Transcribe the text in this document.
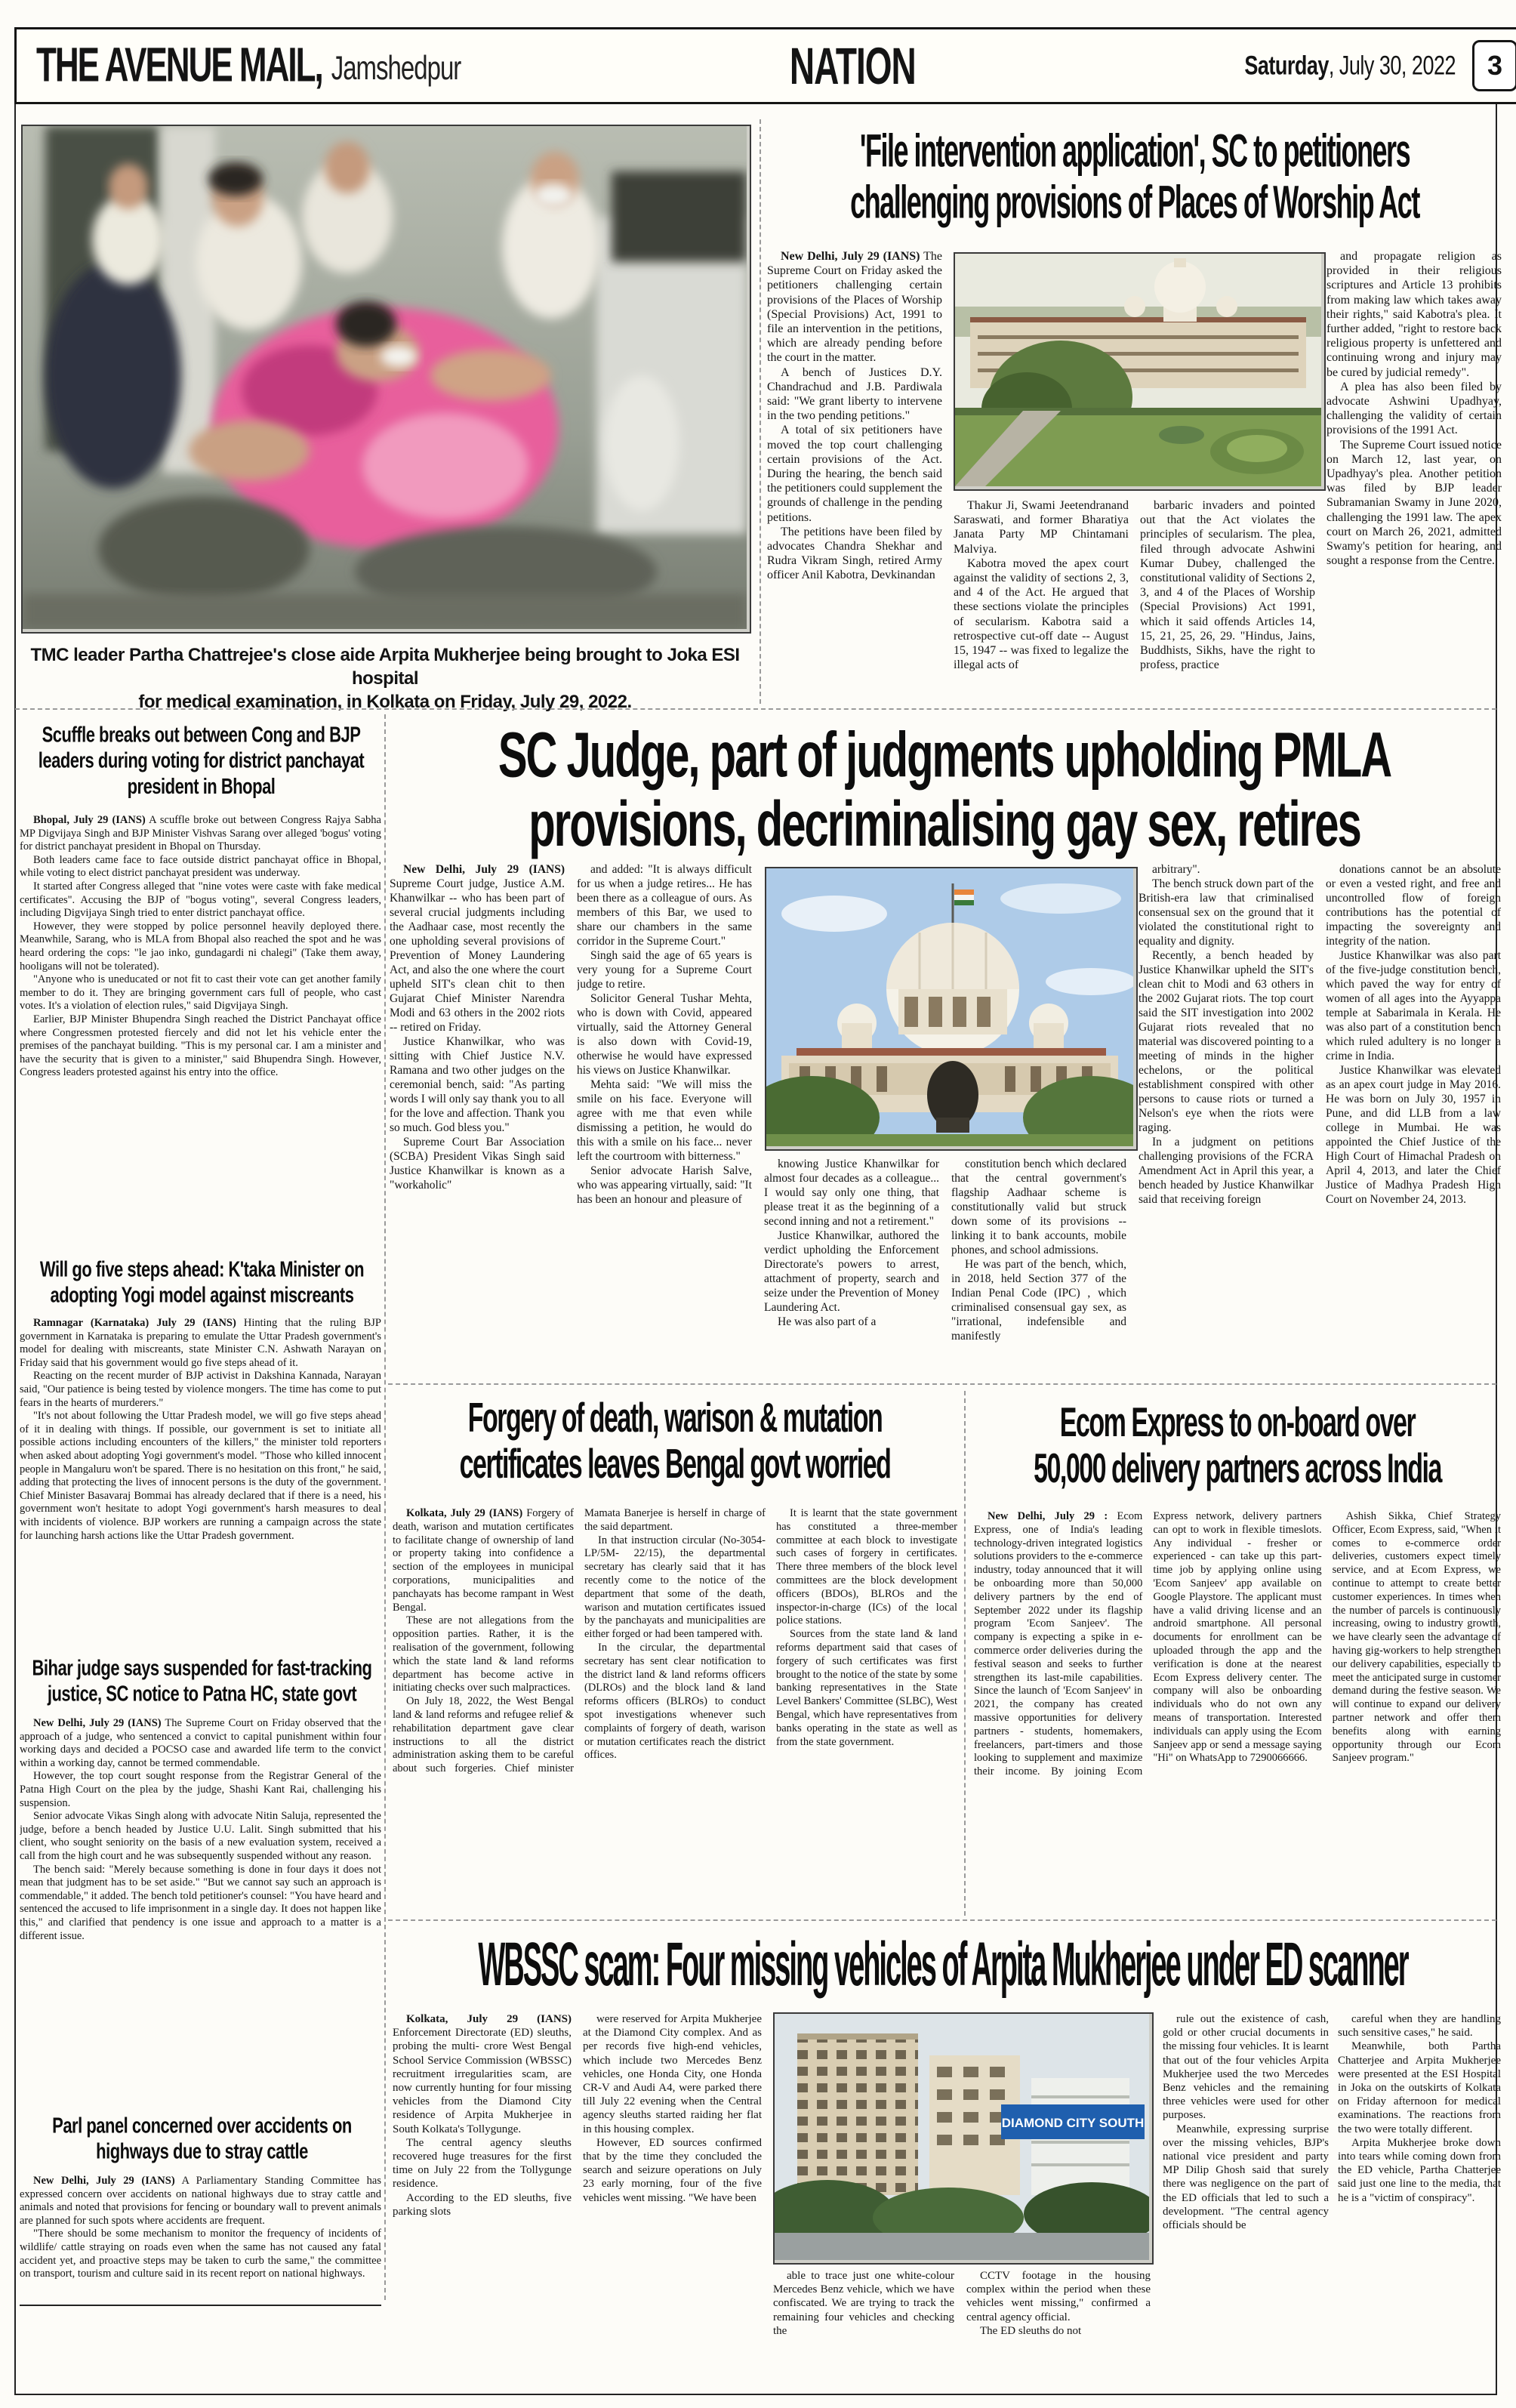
THE AVENUE MAIL, Jamshedpur	NATION	Saturday, July 30, 2022 3
TMC leader Partha Chattrejee's close aide Arpita Mukherjee being brought to Joka ESI hospital
for medical examination, in Kolkata on Friday, July 29, 2022.
'File intervention application', SC to petitioners
challenging provisions of Places of Worship Act

New Delhi, July 29 (IANS) The Supreme Court on Friday asked the petitioners challenging certain provisions of the Places of Worship (Special Provisions) Act, 1991 to file an intervention in the petitions, which are already pending before the court in the matter.

A bench of Justices D.Y. Chandrachud and J.B. Pardiwala said: "We grant liberty to intervene in the two pending petitions."

A total of six petitioners have moved the top court challenging certain provisions of the Act. During the hearing, the bench said the petitioners could supplement the grounds of challenge in the pending petitions.

The petitions have been filed by advocates Chandra Shekhar and Rudra Vikram Singh, retired Army officer Anil Kabotra, Devkinandan

Thakur Ji, Swami Jeetendranand Saraswati, and former Bharatiya Janata Party MP Chintamani Malviya.

Kabotra moved the apex court against the validity of sections 2, 3, and 4 of the Act. He argued that these sections violate the principles of secularism. Kabotra said a retrospective cut-off date -- August 15, 1947 -- was fixed to legalize the illegal acts of

barbaric invaders and pointed out that the Act violates the principles of secularism. The plea, filed through advocate Ashwini Kumar Dubey, challenged the constitutional validity of Sections 2, 3, and 4 of the Places of Worship (Special Provisions) Act 1991, which it said offends Articles 14, 15, 21, 25, 26, 29. "Hindus, Jains, Buddhists, Sikhs, have the right to profess, practice

and propagate religion as provided in their religious scriptures and Article 13 prohibits from making law which takes away their rights," said Kabotra's plea. It further added, "right to restore back religious property is unfettered and continuing wrong and injury may be cured by judicial remedy".

A plea has also been filed by advocate Ashwini Upadhyay, challenging the validity of certain provisions of the 1991 Act.

The Supreme Court issued notice on March 12, last year, on Upadhyay's plea. Another petition was filed by BJP leader Subramanian Swamy in June 2020, challenging the 1991 law. The apex court on March 26, 2021, admitted Swamy's petition for hearing, and sought a response from the Centre.

Scuffle breaks out between Cong and BJP leaders during voting for district panchayat president in Bhopal

Bhopal, July 29 (IANS) A scuffle broke out between Congress Rajya Sabha MP Digvijaya Singh and BJP Minister Vishvas Sarang over alleged 'bogus' voting for district panchayat president in Bhopal on Thursday.

Both leaders came face to face outside district panchayat office in Bhopal, while voting to elect district panchayat president was underway.

It started after Congress alleged that "nine votes were caste with fake medical certificates". Accusing the BJP of "bogus voting", several Congress leaders, including Digvijaya Singh tried to enter district panchayat office.

However, they were stopped by police personnel heavily deployed there. Meanwhile, Sarang, who is MLA from Bhopal also reached the spot and he was heard ordering the cops: "le jao inko, gundagardi ni chalegi" (Take them away, hooligans will not be tolerated).

"Anyone who is uneducated or not fit to cast their vote can get another family member to do it. They are bringing government cars full of people, who cast votes. It's a violation of election rules," said Digvijaya Singh.

Earlier, BJP Minister Bhupendra Singh reached the District Panchayat office where Congressmen protested fiercely and did not let his vehicle enter the premises of the panchayat building. "This is my personal car. I am a minister and have the security that is given to a minister," said Bhupendra Singh. However, Congress leaders protested against his entry into the office.

Will go five steps ahead: K'taka Minister on adopting Yogi model against miscreants

Ramnagar (Karnataka) July 29 (IANS) Hinting that the ruling BJP government in Karnataka is preparing to emulate the Uttar Pradesh government's model for dealing with miscreants, state Minister C.N. Ashwath Narayan on Friday said that his government would go five steps ahead of it.

Reacting on the recent murder of BJP activist in Dakshina Kannada, Narayan said, "Our patience is being tested by violence mongers. The time has come to put fears in the hearts of murderers."

"It's not about following the Uttar Pradesh model, we will go five steps ahead of it in dealing with things. If possible, our government is set to initiate all possible actions including encounters of the killers," the minister told reporters when asked about adopting Yogi government's model. "Those who killed innocent people in Mangaluru won't be spared. There is no hesitation on this front," he said, adding that protecting the lives of innocent persons is the duty of the government. Chief Minister Basavaraj Bommai has already declared that if there is a need, his government won't hesitate to adopt Yogi government's harsh measures to deal with incidents of violence. BJP workers are running a campaign across the state for launching harsh actions like the Uttar Pradesh government.

Bihar judge says suspended for fast-tracking justice, SC notice to Patna HC, state govt

New Delhi, July 29 (IANS) The Supreme Court on Friday observed that the approach of a judge, who sentenced a convict to capital punishment within four working days and decided a POCSO case and awarded life term to the convict within a working day, cannot be termed commendable.

However, the top court sought response from the Registrar General of the Patna High Court on the plea by the judge, Shashi Kant Rai, challenging his suspension.

Senior advocate Vikas Singh along with advocate Nitin Saluja, represented the judge, before a bench headed by Justice U.U. Lalit. Singh submitted that his client, who sought seniority on the basis of a new evaluation system, received a call from the high court and he was subsequently suspended without any reason.

The bench said: "Merely because something is done in four days it does not mean that judgment has to be set aside." "But we cannot say such an approach is commendable," it added. The bench told petitioner's counsel: "You have heard and sentenced the accused to life imprisonment in a single day. It does not happen like this," and clarified that pendency is one issue and approach to a matter is a different issue.

Parl panel concerned over accidents on highways due to stray cattle

New Delhi, July 29 (IANS) A Parliamentary Standing Committee has expressed concern over accidents on national highways due to stray cattle and animals and noted that provisions for fencing or boundary wall to prevent animals are planned for such spots where accidents are frequent.

"There should be some mechanism to monitor the frequency of incidents of wildlife/ cattle straying on roads even when the same has not caused any fatal accident yet, and proactive steps may be taken to curb the same," the committee on transport, tourism and culture said in its recent report on national highways.

SC Judge, part of judgments upholding PMLA
provisions, decriminalising gay sex, retires

New Delhi, July 29 (IANS) Supreme Court judge, Justice A.M. Khanwilkar -- who has been part of several crucial judgments including the Aadhaar case, most recently the one upholding several provisions of Prevention of Money Laundering Act, and also the one where the court upheld SIT's clean chit to then Gujarat Chief Minister Narendra Modi and 63 others in the 2002 riots -- retired on Friday.

Justice Khanwilkar, who was sitting with Chief Justice N.V. Ramana and two other judges on the ceremonial bench, said: "As parting words I will only say thank you to all for the love and affection. Thank you so much. God bless you."

Supreme Court Bar Association (SCBA) President Vikas Singh said Justice Khanwilkar is known as a "workaholic"

and added: "It is always difficult for us when a judge retires... He has been there as a colleague of ours. As members of this Bar, we used to share our chambers in the same corridor in the Supreme Court."

Singh said the age of 65 years is very young for a Supreme Court judge to retire.

Solicitor General Tushar Mehta, who is down with Covid, appeared virtually, said the Attorney General is also down with Covid-19, otherwise he would have expressed his views on Justice Khanwilkar.

Mehta said: "We will miss the smile on his face. Everyone will agree with me that even while dismissing a petition, he would do this with a smile on his face... never left the courtroom with bitterness."

Senior advocate Harish Salve, who was appearing virtually, said: "It has been an honour and pleasure of

knowing Justice Khanwilkar for almost four decades as a colleague... I would say only one thing, that please treat it as the beginning of a second inning and not a retirement."

Justice Khanwilkar, authored the verdict upholding the Enforcement Directorate's powers to arrest, attachment of property, search and seize under the Prevention of Money Laundering Act.

He was also part of a

constitution bench which declared that the central government's flagship Aadhaar scheme is constitutionally valid but struck down some of its provisions -- linking it to bank accounts, mobile phones, and school admissions.

He was part of the bench, which, in 2018, held Section 377 of the Indian Penal Code (IPC) , which criminalised consensual gay sex, as "irrational, indefensible and manifestly

arbitrary".

The bench struck down part of the British-era law that criminalised consensual sex on the ground that it violated the constitutional right to equality and dignity.

Recently, a bench headed by Justice Khanwilkar upheld the SIT's clean chit to Modi and 63 others in the 2002 Gujarat riots. The top court said the SIT investigation into 2002 Gujarat riots revealed that no material was discovered pointing to a meeting of minds in the higher echelons, or the political establishment conspired with other persons to cause riots or turned a Nelson's eye when the riots were raging.

In a judgment on petitions challenging provisions of the FCRA Amendment Act in April this year, a bench headed by Justice Khanwilkar said that receiving foreign

donations cannot be an absolute or even a vested right, and free and uncontrolled flow of foreign contributions has the potential of impacting the sovereignty and integrity of the nation.

Justice Khanwilkar was also part of the five-judge constitution bench, which paved the way for entry of women of all ages into the Ayyappa temple at Sabarimala in Kerala. He was also part of a constitution bench which ruled adultery is no longer a crime in India.

Justice Khanwilkar was elevated as an apex court judge in May 2016. He was born on July 30, 1957 in Pune, and did LLB from a law college in Mumbai. He was appointed the Chief Justice of the High Court of Himachal Pradesh on April 4, 2013, and later the Chief Justice of Madhya Pradesh High Court on November 24, 2013.

Forgery of death, warison & mutation
certificates leaves Bengal govt worried

Kolkata, July 29 (IANS) Forgery of death, warison and mutation certificates to facilitate change of ownership of land or property taking into confidence a section of the employees in municipal corporations, municipalities and panchayats has become rampant in West Bengal.

These are not allegations from the opposition parties. Rather, it is the realisation of the government, following which the state land & land reforms department has become active in initiating checks over such malpractices.

On July 18, 2022, the West Bengal land & land reforms and refugee relief & rehabilitation department gave clear instructions to all the district administration asking them to be careful about such forgeries. Chief minister Mamata Banerjee is herself in charge of the said department.

In that instruction circular (No-3054-LP/5M- 22/15), the departmental secretary has clearly said that it has recently come to the notice of the department that some of the death, warison and mutation certificates issued by the panchayats and municipalities are either forged or had been tampered with.

In the circular, the departmental secretary has sent clear notification to the district land & land reforms officers (DLROs) and the block land & land reforms officers (BLROs) to conduct spot investigations whenever such complaints of forgery of death, warison or mutation certificates reach the district offices.

It is learnt that the state government has constituted a three-member committee at each block to investigate such cases of forgery in certificates. There three members of the block level committees are the block development officers (BDOs), BLROs and the inspector-in-charge (ICs) of the local police stations.

Sources from the state land & land reforms department said that cases of forgery of such certificates was first brought to the notice of the state by some banking representatives in the State Level Bankers' Committee (SLBC), West Bengal, which have representatives from banks operating in the state as well as from the state government.

Ecom Express to on-board over
50,000 delivery partners across India

New Delhi, July 29 : Ecom Express, one of India's leading technology-driven integrated logistics solutions providers to the e-commerce industry, today announced that it will be onboarding more than 50,000 delivery partners by the end of September 2022 under its flagship program 'Ecom Sanjeev'. The company is expecting a spike in e-commerce order deliveries during the festival season and seeks to further strengthen its last-mile capabilities. Since the launch of 'Ecom Sanjeev' in 2021, the company has created massive opportunities for delivery partners - students, homemakers, freelancers, part-timers and those looking to supplement and maximize their income. By joining Ecom Express network, delivery partners can opt to work in flexible timeslots. Any individual - fresher or experienced - can take up this part-time job by applying online using 'Ecom Sanjeev' app available on Google Playstore. The applicant must have a valid driving license and an android smartphone. All personal documents for enrollment can be uploaded through the app and the verification is done at the nearest Ecom Express delivery center. The company will also be onboarding individuals who do not own any means of transportation. Interested individuals can apply using the Ecom Sanjeev app or send a message saying "Hi" on WhatsApp to 7290066666.

Ashish Sikka, Chief Strategy Officer, Ecom Express, said, "When it comes to e-commerce order deliveries, customers expect timely service, and at Ecom Express, we continue to attempt to create better customer experiences. In times when the number of parcels is continuously increasing, owing to industry growth, we have clearly seen the advantage of having gig-workers to help strengthen our delivery capabilities, especially to meet the anticipated surge in customer demand during the festive season. We will continue to expand our delivery partner network and offer them benefits along with earning opportunity through our Ecom Sanjeev program."

WBSSC scam: Four missing vehicles of Arpita Mukherjee under ED scanner

Kolkata, July 29 (IANS) Enforcement Directorate (ED) sleuths, probing the multi- crore West Bengal School Service Commission (WBSSC) recruitment irregularities scam, are now currently hunting for four missing vehicles from the Diamond City residence of Arpita Mukherjee in South Kolkata's Tollygunge.

The central agency sleuths recovered huge treasures for the first time on July 22 from the Tollygunge residence.

According to the ED sleuths, five parking slots

were reserved for Arpita Mukherjee at the Diamond City complex. And as per records five high-end vehicles, which include two Mercedes Benz vehicles, one Honda City, one Honda CR-V and Audi A4, were parked there till July 22 evening when the Central agency sleuths started raiding her flat in this housing complex.

However, ED sources confirmed that by the time they concluded the search and seizure operations on July 23 early morning, four of the five vehicles went missing. "We have been

DIAMOND CITY SOUTH

able to trace just one white-colour Mercedes Benz vehicle, which we have confiscated. We are trying to track the remaining four vehicles and checking the

CCTV footage in the housing complex within the period when these vehicles went missing," confirmed a central agency official.

The ED sleuths do not

rule out the existence of cash, gold or other crucial documents in the missing four vehicles. It is learnt that out of the four vehicles Arpita Mukherjee used the two Mercedes Benz vehicles and the remaining three vehicles were used for other purposes.

Meanwhile, expressing surprise over the missing vehicles, BJP's national vice president and party MP Dilip Ghosh said that surely there was negligence on the part of the ED officials that led to such a development. "The central agency officials should be

careful when they are handling such sensitive cases," he said.

Meanwhile, both Partha Chatterjee and Arpita Mukherjee were presented at the ESI Hospital in Joka on the outskirts of Kolkata on Friday afternoon for medical examinations. The reactions from the two were totally different.

Arpita Mukherjee broke down into tears while coming down from the ED vehicle, Partha Chatterjee said just one line to the media, that he is a "victim of conspiracy".
